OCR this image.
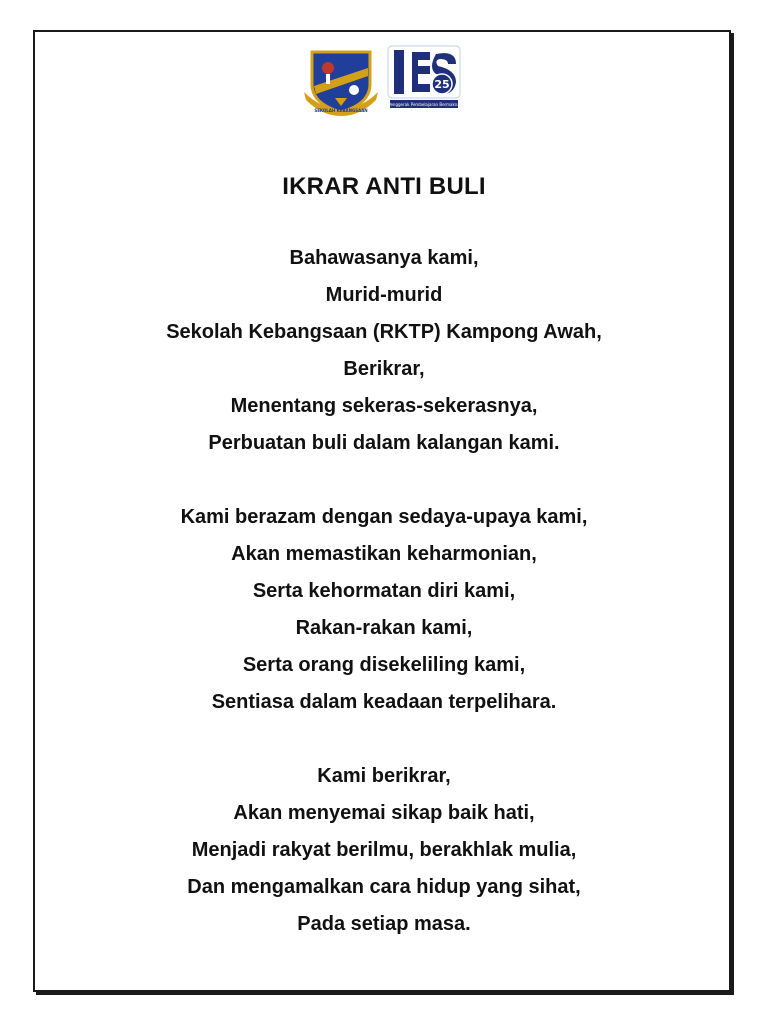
SEKOLAH KEBANGSAAN
25
Penggerak Pembelajaran Bermakna
IKRAR ANTI BULI
Bahawasanya kami,
Murid-murid
Sekolah Kebangsaan (RKTP) Kampong Awah,
Berikrar,
Menentang sekeras-sekerasnya,
Perbuatan buli dalam kalangan kami.
Kami berazam dengan sedaya-upaya kami,
Akan memastikan keharmonian,
Serta kehormatan diri kami,
Rakan-rakan kami,
Serta orang disekeliling kami,
Sentiasa dalam keadaan terpelihara.
Kami berikrar,
Akan menyemai sikap baik hati,
Menjadi rakyat berilmu, berakhlak mulia,
Dan mengamalkan cara hidup yang sihat,
Pada setiap masa.
